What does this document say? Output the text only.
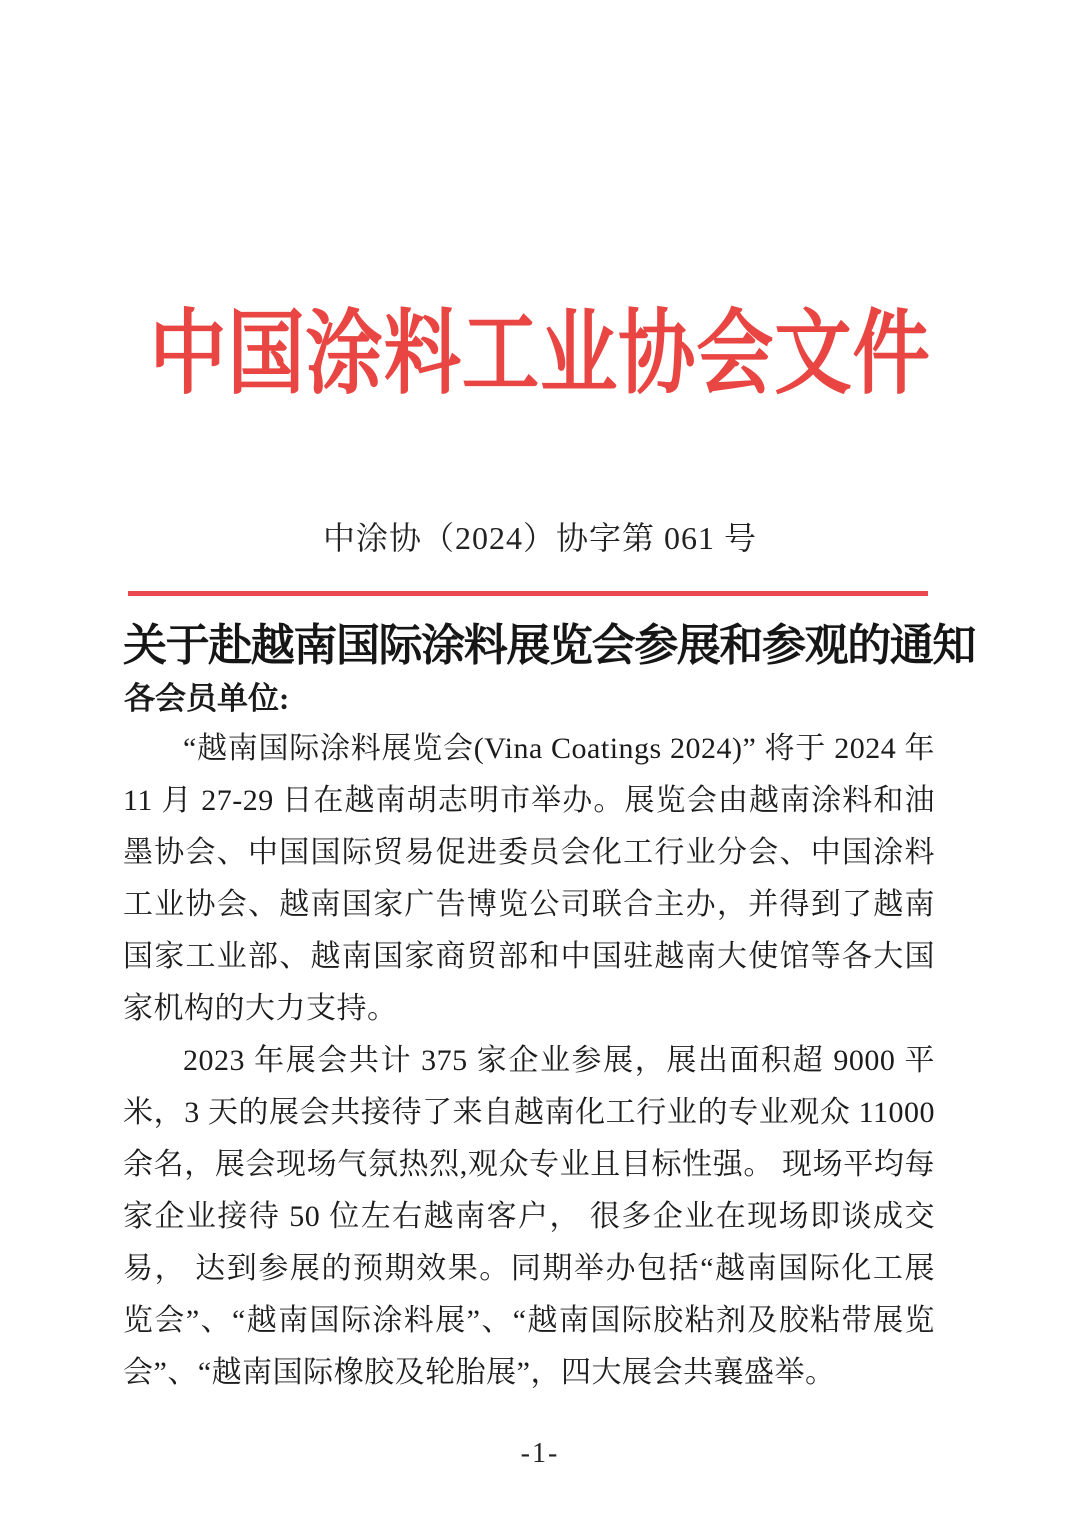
中国涂料工业协会文件
中涂协（2024）协字第 061 号
关于赴越南国际涂料展览会参展和参观的通知
各会员单位:

“越南国际涂料展览会(Vina Coatings 2024)” 将于 2024 年 11 月 27-29 日在越南胡志明市举办。展览会由越南涂料和油墨协会、中国国际贸易促进委员会化工行业分会、中国涂料工业协会、越南国家广告博览公司联合主办，并得到了越南国家工业部、越南国家商贸部和中国驻越南大使馆等各大国家机构的大力支持。

2023 年展会共计 375 家企业参展，展出面积超 9000 平米，3 天的展会共接待了来自越南化工行业的专业观众 11000 余名，展会现场气氛热烈,观众专业且目标性强。 现场平均每家企业接待 50 位左右越南客户， 很多企业在现场即谈成交易， 达到参展的预期效果。同期举办包括“越南国际化工展览会”、“越南国际涂料展”、“越南国际胶粘剂及胶粘带展览会”、“越南国际橡胶及轮胎展”，四大展会共襄盛举。

-1-
